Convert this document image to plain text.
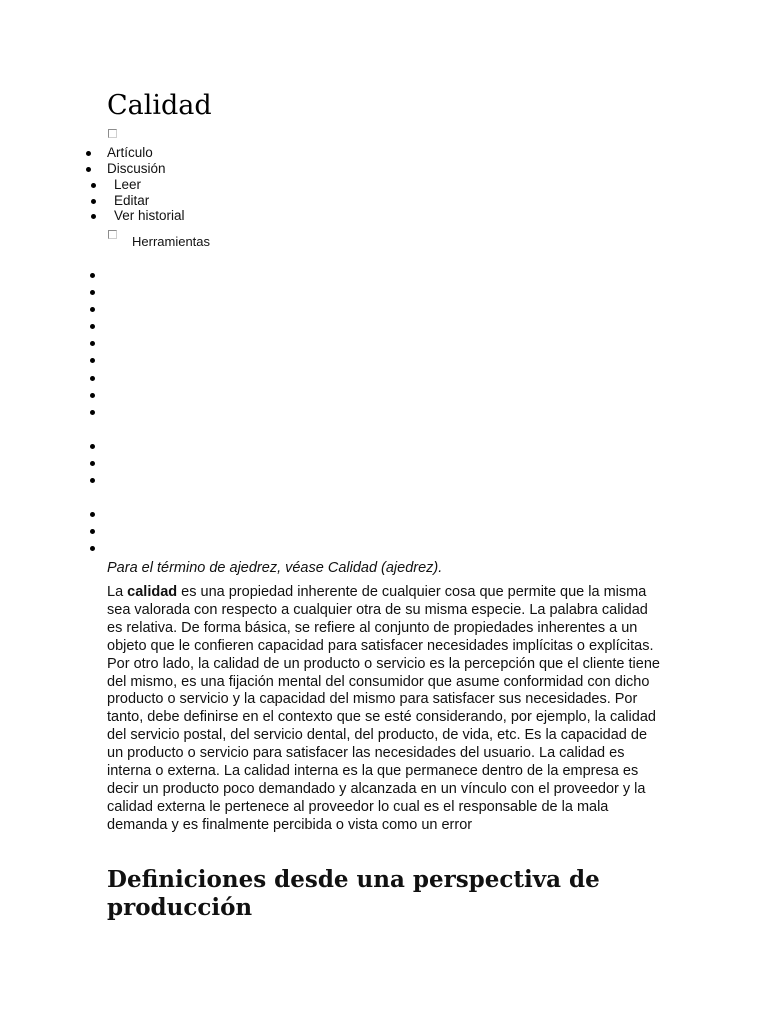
Calidad
Artículo
Discusión
Leer
Editar
Ver historial
Herramientas

Para el término de ajedrez, véase Calidad (ajedrez).

La calidad es una propiedad inherente de cualquier cosa que permite que la misma sea valorada con respecto a cualquier otra de su misma especie. La palabra calidad es relativa. De forma básica, se refiere al conjunto de propiedades inherentes a un objeto que le confieren capacidad para satisfacer necesidades implícitas o explícitas. Por otro lado, la calidad de un producto o servicio es la percepción que el cliente tiene del mismo, es una fijación mental del consumidor que asume conformidad con dicho producto o servicio y la capacidad del mismo para satisfacer sus necesidades. Por tanto, debe definirse en el contexto que se esté considerando, por ejemplo, la calidad del servicio postal, del servicio dental, del producto, de vida, etc. Es la capacidad de un producto o servicio para satisfacer las necesidades del usuario. La calidad es interna o externa. La calidad interna es la que permanece dentro de la empresa es decir un producto poco demandado y alcanzada en un vínculo con el proveedor y la calidad externa le pertenece al proveedor lo cual es el responsable de la mala demanda y es finalmente percibida o vista como un error

Definiciones desde una perspectiva de producción
